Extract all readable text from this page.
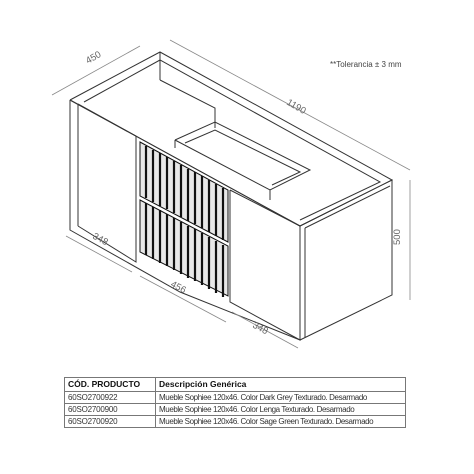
450
1190
500
348
456
348
**Tolerancia ± 3 mm
CÓD. PRODUCTO	Descripción Genérica
60SO2700922	Mueble Sophiee 120x46. Color Dark Grey Texturado. Desarmado
60SO2700900	Mueble Sophiee 120x46. Color Lenga Texturado. Desarmado
60SO2700920	Mueble Sophiee 120x46. Color Sage Green Texturado. Desarmado
